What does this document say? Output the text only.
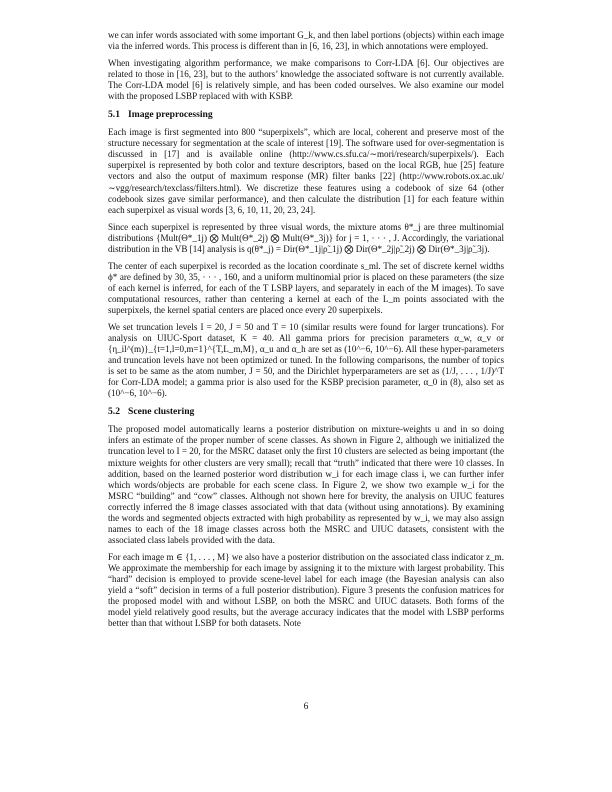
we can infer words associated with some important G_k, and then label portions (objects) within each image via the inferred words. This process is different than in [6, 16, 23], in which annotations were employed.

When investigating algorithm performance, we make comparisons to Corr-LDA [6]. Our objectives are related to those in [16, 23], but to the authors’ knowledge the associated software is not currently available. The Corr-LDA model [6] is relatively simple, and has been coded ourselves. We also examine our model with the proposed LSBP replaced with with KSBP.

5.1 Image preprocessing

Each image is first segmented into 800 “superpixels”, which are local, coherent and preserve most of the structure necessary for segmentation at the scale of interest [19]. The software used for over-segmentation is discussed in [17] and is available online (http://www.cs.sfu.ca/∼mori/research/superpixels/). Each superpixel is represented by both color and texture descriptors, based on the local RGB, hue [25] feature vectors and also the output of maximum response (MR) filter banks [22] (http://www.robots.ox.ac.uk/∼vgg/research/texclass/filters.html). We discretize these features using a codebook of size 64 (other codebook sizes gave similar performance), and then calculate the distribution [1] for each feature within each superpixel as visual words [3, 6, 10, 11, 20, 23, 24].

Since each superpixel is represented by three visual words, the mixture atoms θ*_j are three multinomial distributions {Mult(Θ*_1j) ⨂ Mult(Θ*_2j) ⨂ Mult(Θ*_3j)} for j = 1, · · · , J. Accordingly, the variational distribution in the VB [14] analysis is q(θ*_j) = Dir(Θ*_1j|ρ̃_1j) ⨂ Dir(Θ*_2j|ρ̃_2j) ⨂ Dir(Θ*_3j|ρ̃_3j).

The center of each superpixel is recorded as the location coordinate s_ml. The set of discrete kernel widths ϕ* are defined by 30, 35, · · · , 160, and a uniform multinomial prior is placed on these parameters (the size of each kernel is inferred, for each of the T LSBP layers, and separately in each of the M images). To save computational resources, rather than centering a kernel at each of the L_m points associated with the superpixels, the kernel spatial centers are placed once every 20 superpixels.

We set truncation levels I = 20, J = 50 and T = 10 (similar results were found for larger truncations). For analysis on UIUC-Sport dataset, K = 40. All gamma priors for precision parameters α_w, α_v or {η_il^(m)}_{t=1,l=0,m=1}^{T,L_m,M}, α_u and α_h are set as (10^−6, 10^−6). All these hyper-parameters and truncation levels have not been optimized or tuned. In the following comparisons, the number of topics is set to be same as the atom number, J = 50, and the Dirichlet hyperparameters are set as (1/J, . . . , 1/J)^T for Corr-LDA model; a gamma prior is also used for the KSBP precision parameter, α_0 in (8), also set as (10^−6, 10^−6).

5.2 Scene clustering

The proposed model automatically learns a posterior distribution on mixture-weights u and in so doing infers an estimate of the proper number of scene classes. As shown in Figure 2, although we initialized the truncation level to I = 20, for the MSRC dataset only the first 10 clusters are selected as being important (the mixture weights for other clusters are very small); recall that “truth” indicated that there were 10 classes. In addition, based on the learned posterior word distribution w_i for each image class i, we can further infer which words/objects are probable for each scene class. In Figure 2, we show two example w_i for the MSRC “building” and “cow” classes. Although not shown here for brevity, the analysis on UIUC features correctly inferred the 8 image classes associated with that data (without using annotations). By examining the words and segmented objects extracted with high probability as represented by w_i, we may also assign names to each of the 18 image classes across both the MSRC and UIUC datasets, consistent with the associated class labels provided with the data.

For each image m ∈ {1, . . . , M} we also have a posterior distribution on the associated class indicator z_m. We approximate the membership for each image by assigning it to the mixture with largest probability. This “hard” decision is employed to provide scene-level label for each image (the Bayesian analysis can also yield a “soft” decision in terms of a full posterior distribution). Figure 3 presents the confusion matrices for the proposed model with and without LSBP, on both the MSRC and UIUC datasets. Both forms of the model yield relatively good results, but the average accuracy indicates that the model with LSBP performs better than that without LSBP for both datasets. Note

6
